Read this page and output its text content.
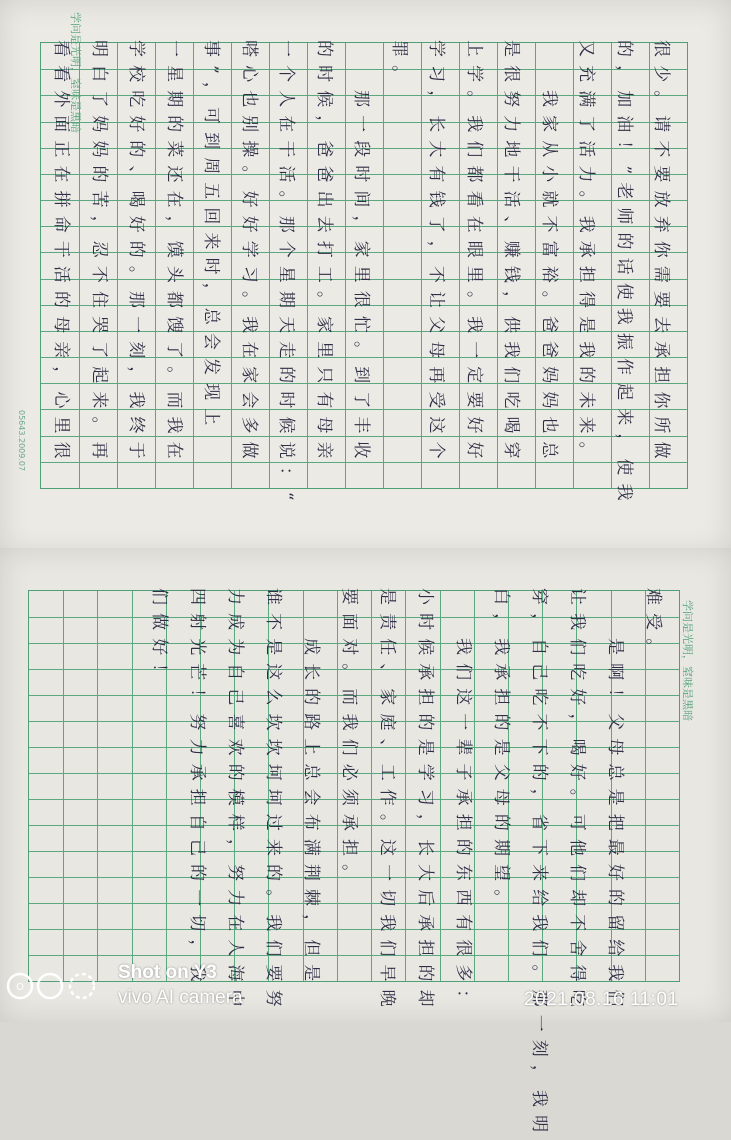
学问是光明，窒味是黑暗
05643.2009.07	很少。请不要放弃你需要去承担你所做
的，加油！”老师的话使我振作起来，使我
又充满了活力。我承担得是我的未来。
我家从小就不富裕。爸爸妈妈也总
是很努力地干活、赚钱，供我们吃喝穿
上学。我们都看在眼里。我一定要好好
学习，长大有钱了，不让父母再受这个
罪。
那一段时间，家里很忙。到了丰收
的时候，爸爸出去打工。家里只有母亲
一个人在干活。那个星期天走的时候说：“
嗒心也别操。好好学习。我在家会多做
事”，可到周五回来时，总会发现上
一星期的菜还在，馍头都馊了。而我在
学校吃好的、喝好的。那一刻，我终于
明白了妈妈的苦，忍不住哭了起来。再
看看外面正在拼命干活的母亲，心里很
学问是光明，窒味是黑暗
难受。
是啊！父母总是把最好的留给我们
让我们吃好，喝好。可他们却不舍得吃
穿，自己吃不下的，省下来给我们。那一刻，我明
白，我承担的是父母的期望。
我们这一辈子承担的东西有很多：
小时候承担的是学习，长大后承担的却
是责任、家庭、工作。这一切我们早晚
要面对。而我们必须承担。
成长的路上总会布满荆棘，但是
谁不是这么坎坎坷坷过来的。我们要努
力成为自己喜欢的模样，努力在人海中
四射光芒！努力承担自己的一切，我
们做好！
O
Shot on Y3
vivo AI camera	2021.08.16 11:01
